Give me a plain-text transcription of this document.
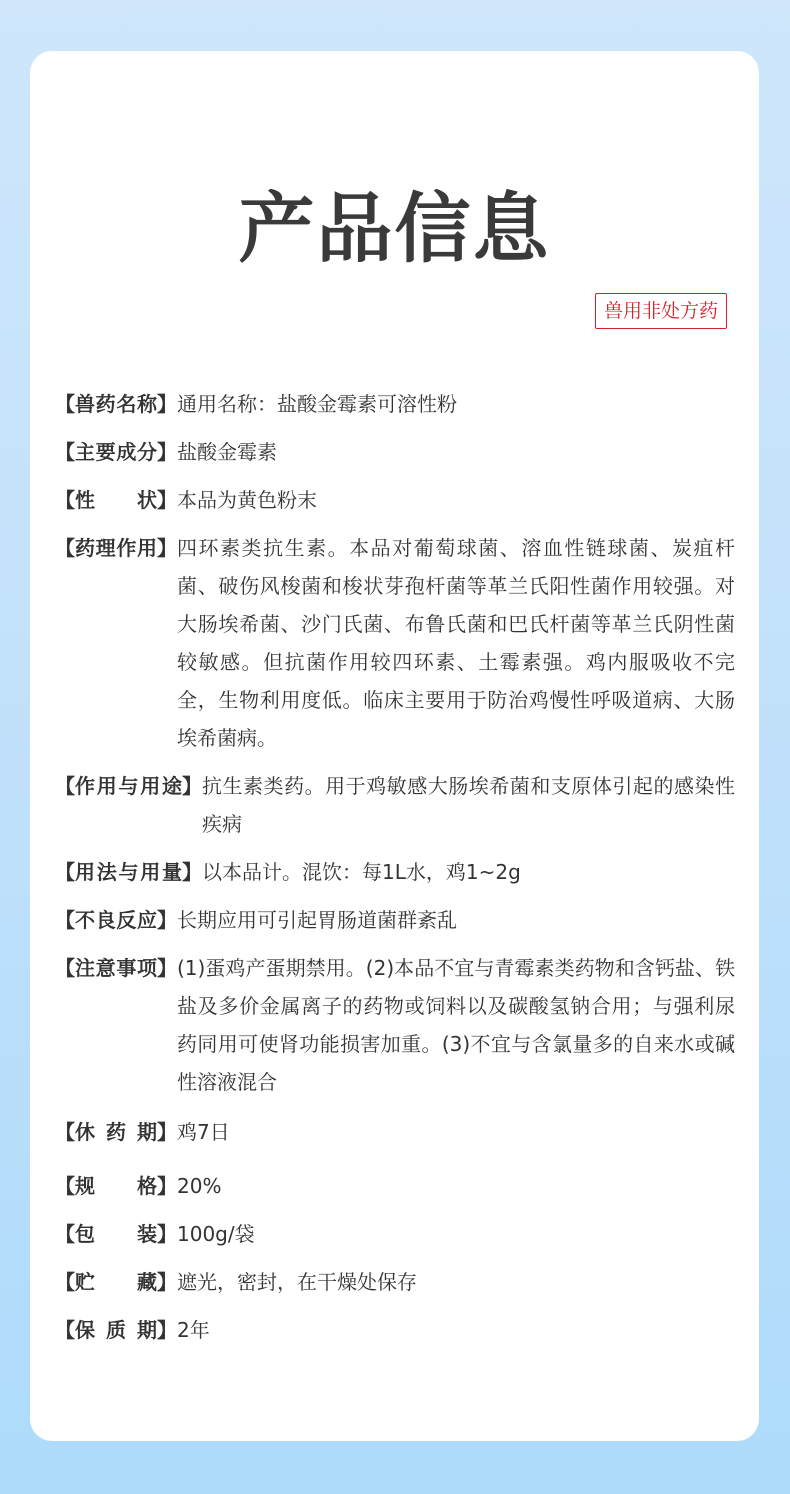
产品信息
兽用非处方药
【兽药名称】 通用名称：盐酸金霉素可溶性粉
【主要成分】 盐酸金霉素
【性　　状】 本品为黄色粉末
【药理作用】 四环素类抗生素。本品对葡萄球菌、溶血性链球菌、炭疽杆菌、破伤风梭菌和梭状芽孢杆菌等革兰氏阳性菌作用较强。对大肠埃希菌、沙门氏菌、布鲁氏菌和巴氏杆菌等革兰氏阴性菌较敏感。但抗菌作用较四环素、土霉素强。鸡内服吸收不完全，生物利用度低。临床主要用于防治鸡慢性呼吸道病、大肠埃希菌病。
【作用与用途】 抗生素类药。用于鸡敏感大肠埃希菌和支原体引起的感染性疾病
【用法与用量】 以本品计。混饮：每1L水，鸡1~2g
【不良反应】 长期应用可引起胃肠道菌群紊乱
【注意事项】 (1)蛋鸡产蛋期禁用。(2)本品不宜与青霉素类药物和含钙盐、铁盐及多价金属离子的药物或饲料以及碳酸氢钠合用；与强利尿药同用可使肾功能损害加重。(3)不宜与含氯量多的自来水或碱性溶液混合
【休 药 期】 鸡7日
【规　　格】 20%
【包　　装】 100g/袋
【贮　　藏】 遮光，密封，在干燥处保存
【保 质 期】 2年
